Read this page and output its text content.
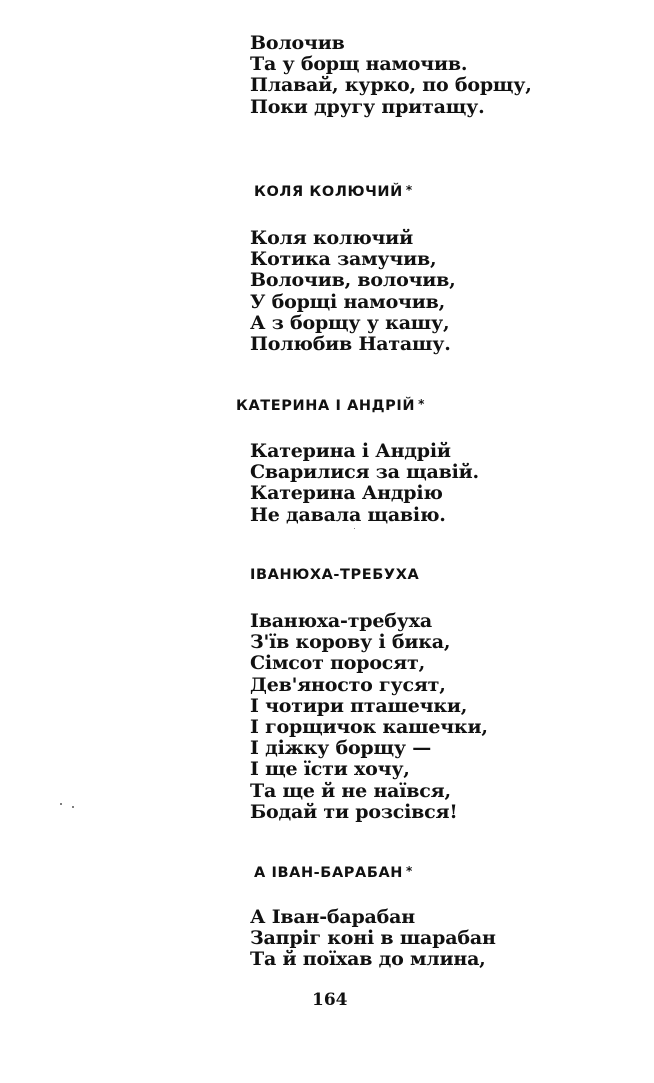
Волочив
Та у борщ намочив.
Плавай, курко, по борщу,
Поки другу притащу.
КОЛЯ КОЛЮЧИЙ *
Коля колючий
Котика замучив,
Волочив, волочив,
У борщі намочив,
А з борщу у кашу,
Полюбив Наташу.
КАТЕРИНА І АНДРІЙ *
Катерина і Андрій
Сварилися за щавій.
Катерина Андрію
Не давала щавію.
ІВАНЮХА-ТРЕБУХА
Іванюха-требуха
З'їв корову і бика,
Сімсот поросят,
Дев'яносто гусят,
І чотири пташечки,
І горщичок кашечки,
І діжку борщу —
І ще їсти хочу,
Та ще й не наївся,
Бодай ти розсівся!
А ІВАН-БАРАБАН *
А Іван-барабан
Запріг коні в шарабан
Та й поїхав до млина,
164
